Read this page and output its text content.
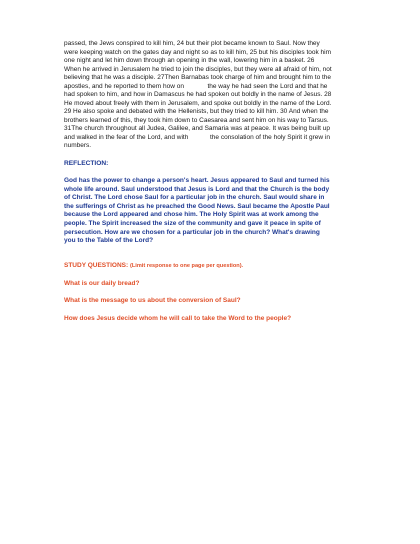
passed, the Jews conspired to kill him, 24 but their plot became known to Saul. Now they

were keeping watch on the gates day and night so as to kill him, 25 but his disciples took him

one night and let him down through an opening in the wall, lowering him in a basket. 26

When he arrived in Jerusalem he tried to join the disciples, but they were all afraid of him, not

believing that he was a disciple. 27Then Barnabas took charge of him and brought him to the

apostles, and he reported to them how on             the way he had seen the Lord and that he

had spoken to him, and how in Damascus he had spoken out boldly in the name of Jesus. 28

He moved about freely with them in Jerusalem, and spoke out boldly in the name of the Lord.

29 He also spoke and debated with the Hellenists, but they tried to kill him. 30 And when the

brothers learned of this, they took him down to Caesarea and sent him on his way to Tarsus.

31The church throughout all Judea, Galilee, and Samaria was at peace. It was being built up

and walked in the fear of the Lord, and with            the consolation of the holy Spirit it grew in

numbers.

REFLECTION:

God has the power to change a person's heart. Jesus appeared to Saul and turned his

whole life around. Saul understood that Jesus is Lord and that the Church is the body

of Christ. The Lord chose Saul for a particular job in the church. Saul would share in

the sufferings of Christ as he preached the Good News. Saul became the Apostle Paul

because the Lord appeared and chose him. The Holy Spirit was at work among the

people. The Spirit increased the size of the community and gave it peace in spite of

persecution. How are we chosen for a particular job in the church? What's drawing

you to the Table of the Lord?

STUDY QUESTIONS: (Limit response to one page per question).

What is our daily bread?

What is the message to us about the conversion of Saul?

How does Jesus decide whom he will call to take the Word to the people?
